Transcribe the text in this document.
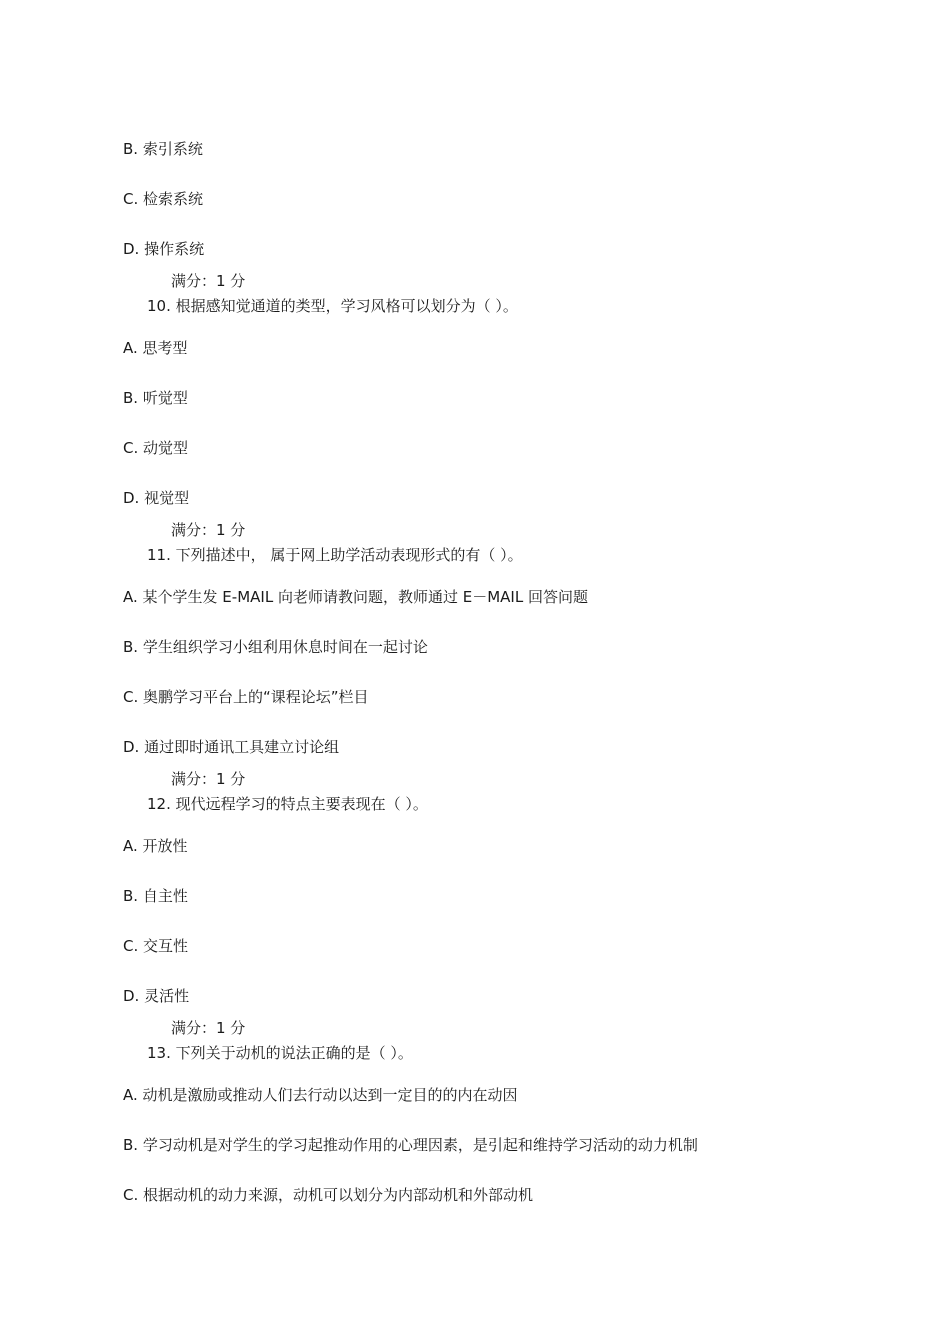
B. 索引系统
C. 检索系统
D. 操作系统
满分：1 分
10. 根据感知觉通道的类型，学习风格可以划分为（ ）。
A. 思考型
B. 听觉型
C. 动觉型
D. 视觉型
满分：1 分
11. 下列描述中， 属于网上助学活动表现形式的有（ ）。
A. 某个学生发 E-MAIL 向老师请教问题，教师通过 E－MAIL 回答问题
B. 学生组织学习小组利用休息时间在一起讨论
C. 奥鹏学习平台上的“课程论坛”栏目
D. 通过即时通讯工具建立讨论组
满分：1 分
12. 现代远程学习的特点主要表现在（ ）。
A. 开放性
B. 自主性
C. 交互性
D. 灵活性
满分：1 分
13. 下列关于动机的说法正确的是（ ）。
A. 动机是激励或推动人们去行动以达到一定目的的内在动因
B. 学习动机是对学生的学习起推动作用的心理因素，是引起和维持学习活动的动力机制
C. 根据动机的动力来源，动机可以划分为内部动机和外部动机
